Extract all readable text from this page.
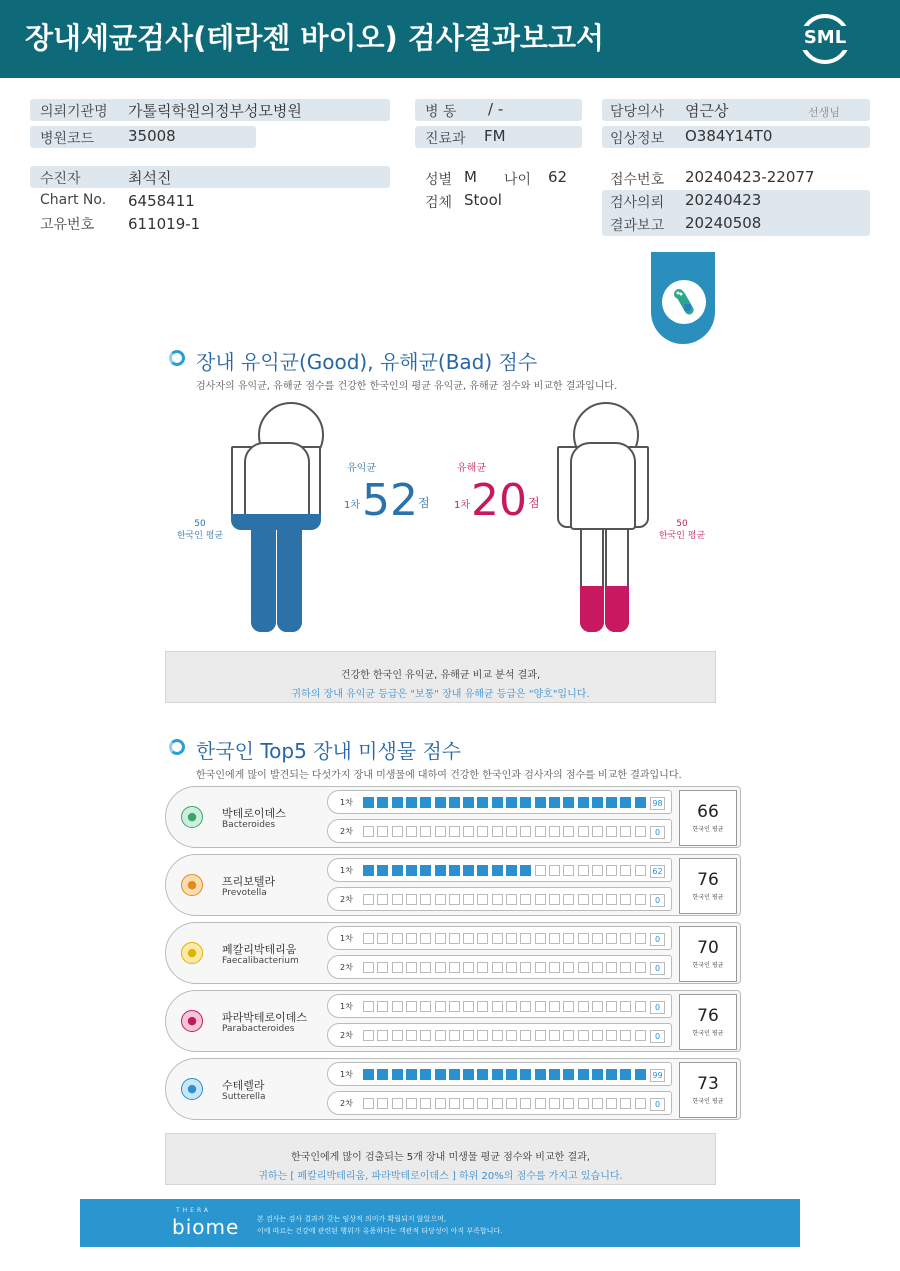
장내세균검사(테라젠 바이오) 검사결과보고서	SML
의뢰기관명 가톨릭학원의정부성모병원
병원코드 35008
병 동 / -
진료과 FM
담당의사 염근상	선생님
임상정보 O384Y14T0
수진자	최석진
Chart No. 6458411
고유번호 611019-1
성별 M 나이 62
검체 Stool
접수번호 20240423-22077
검사의뢰 20240423
결과보고 20240508
장내 유익균(Good), 유해균(Bad) 점수
검사자의 유익균, 유해균 점수를 건강한 한국인의 평균 유익균, 유해균 점수와 비교한 결과입니다.
50
한국인 평균
유익균
1차 52 점
50
한국인 평균
유해균
1차 20 점
건강한 한국인 유익균, 유해균 비교 분석 결과,
귀하의 장내 유익균 등급은 "보통" 장내 유해균 등급은 "양호"입니다.
한국인 Top5 장내 미생물 점수
한국인에게 많이 발견되는 다섯가지 장내 미생물에 대하여 건강한 한국인과 검사자의 점수를 비교한 결과입니다.
●	박테로이데스
Bacteroides
1차	98
2차	0
66
한국인 평균
●	프리보텔라
Prevotella
1차	62
2차	0
76
한국인 평균
●	페칼리박테리움
Faecalibacterium
1차	0
2차	0
70
한국인 평균
●	파라박테로이데스
Parabacteroides
1차	0
2차	0
76
한국인 평균
●	수테렐라
Sutterella
1차	99
2차	0
73
한국인 평균
한국인에게 많이 검출되는 5개 장내 미생물 평균 점수와 비교한 결과,
귀하는 [ 페칼리박테리움, 파라박테로이데스 ] 하위 20%의 점수를 가지고 있습니다.
THERA
biome	본 검사는 검사 결과가 갖는 임상적 의미가 확립되지 않았으며,
이에 따르는 건강에 관련된 행위가 유용하다는 객관적 타당성이 아직 부족합니다.
